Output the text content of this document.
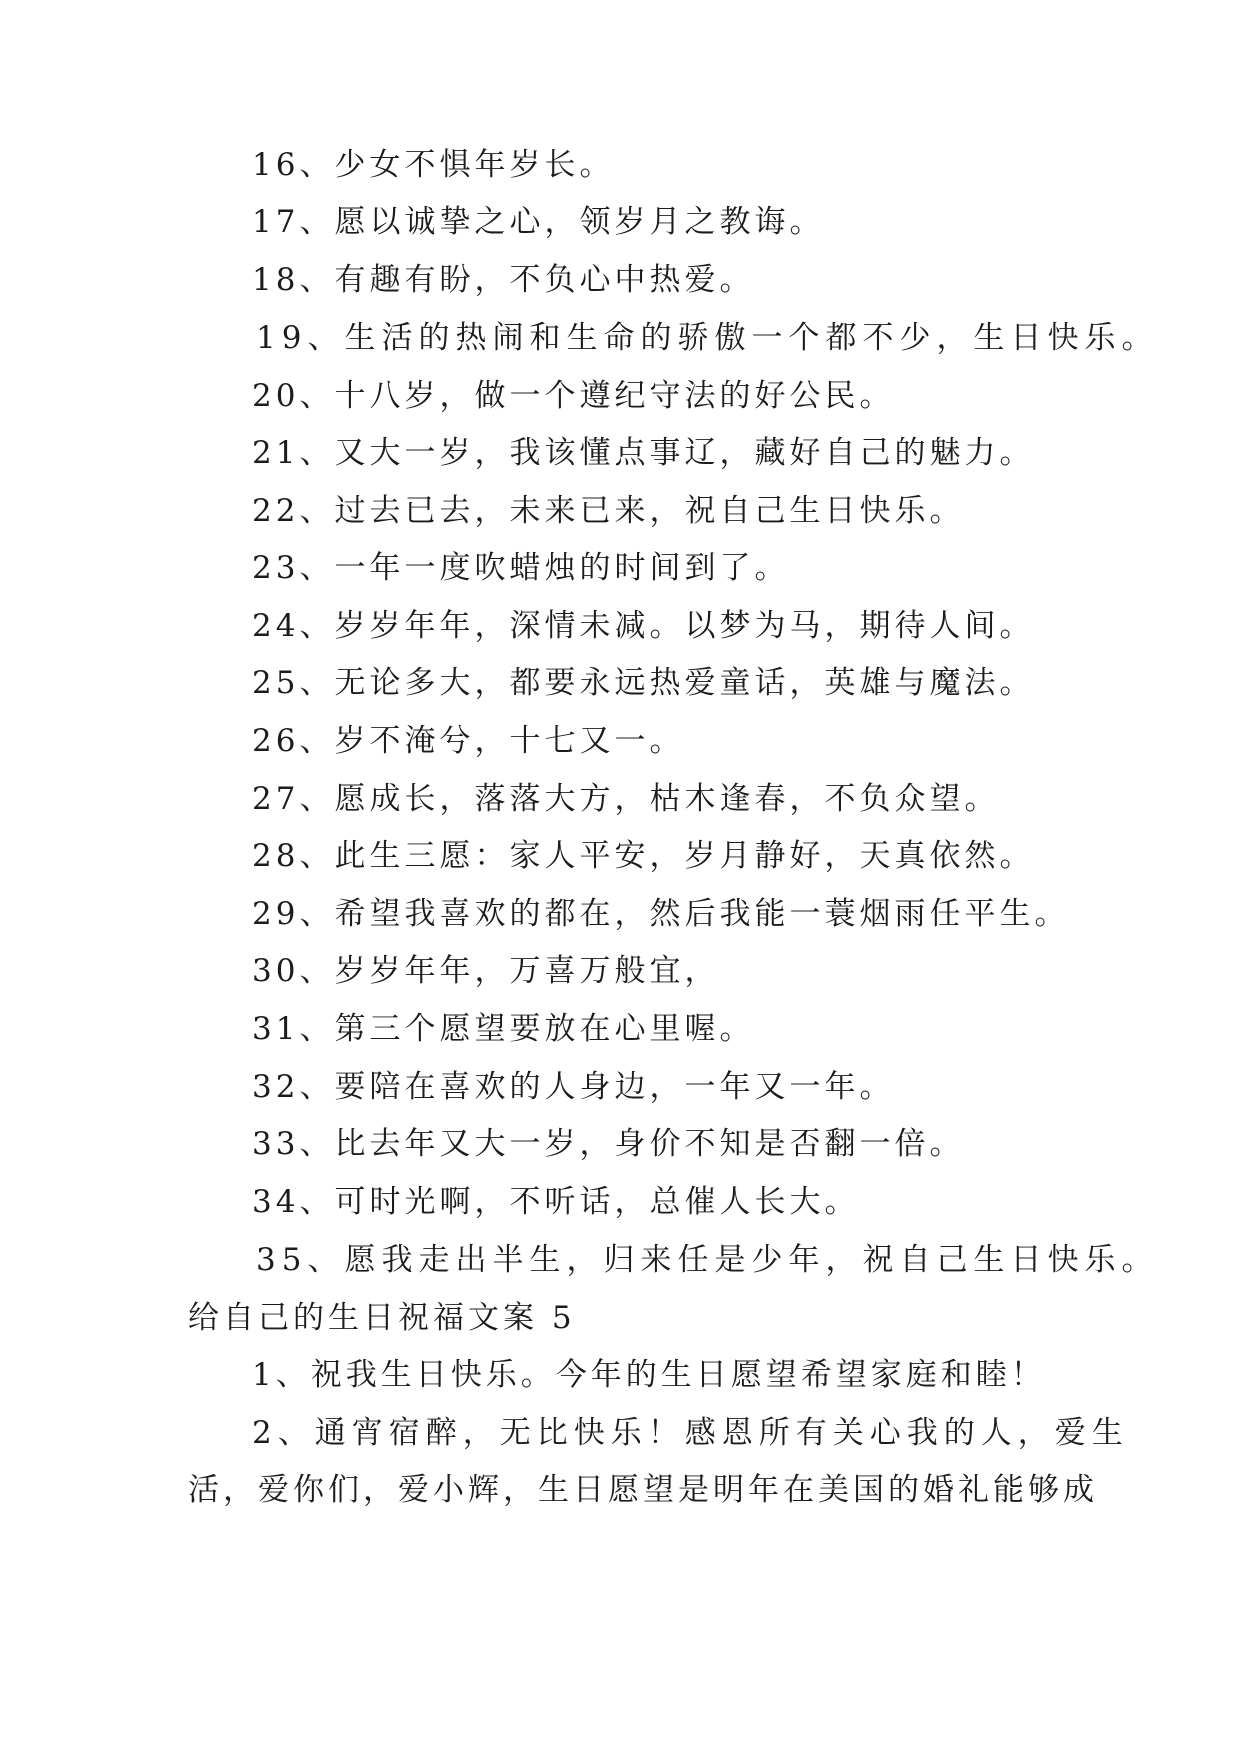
16、少女不惧年岁长。
17、愿以诚挚之心，领岁月之教诲。
18、有趣有盼，不负心中热爱。
19、生活的热闹和生命的骄傲一个都不少，生日快乐。
20、十八岁，做一个遵纪守法的好公民。
21、又大一岁，我该懂点事辽，藏好自己的魅力。
22、过去已去，未来已来，祝自己生日快乐。
23、一年一度吹蜡烛的时间到了。
24、岁岁年年，深情未减。以梦为马，期待人间。
25、无论多大，都要永远热爱童话，英雄与魔法。
26、岁不淹兮，十七又一。
27、愿成长，落落大方，枯木逢春，不负众望。
28、此生三愿：家人平安，岁月静好，天真依然。
29、希望我喜欢的都在，然后我能一蓑烟雨任平生。
30、岁岁年年，万喜万般宜，
31、第三个愿望要放在心里喔。
32、要陪在喜欢的人身边，一年又一年。
33、比去年又大一岁，身价不知是否翻一倍。
34、可时光啊，不听话，总催人长大。
35、愿我走出半生，归来任是少年，祝自己生日快乐。
给自己的生日祝福文案 5
1、祝我生日快乐。今年的生日愿望希望家庭和睦！
2、通宵宿醉，无比快乐！感恩所有关心我的人，爱生
活，爱你们，爱小辉，生日愿望是明年在美国的婚礼能够成
